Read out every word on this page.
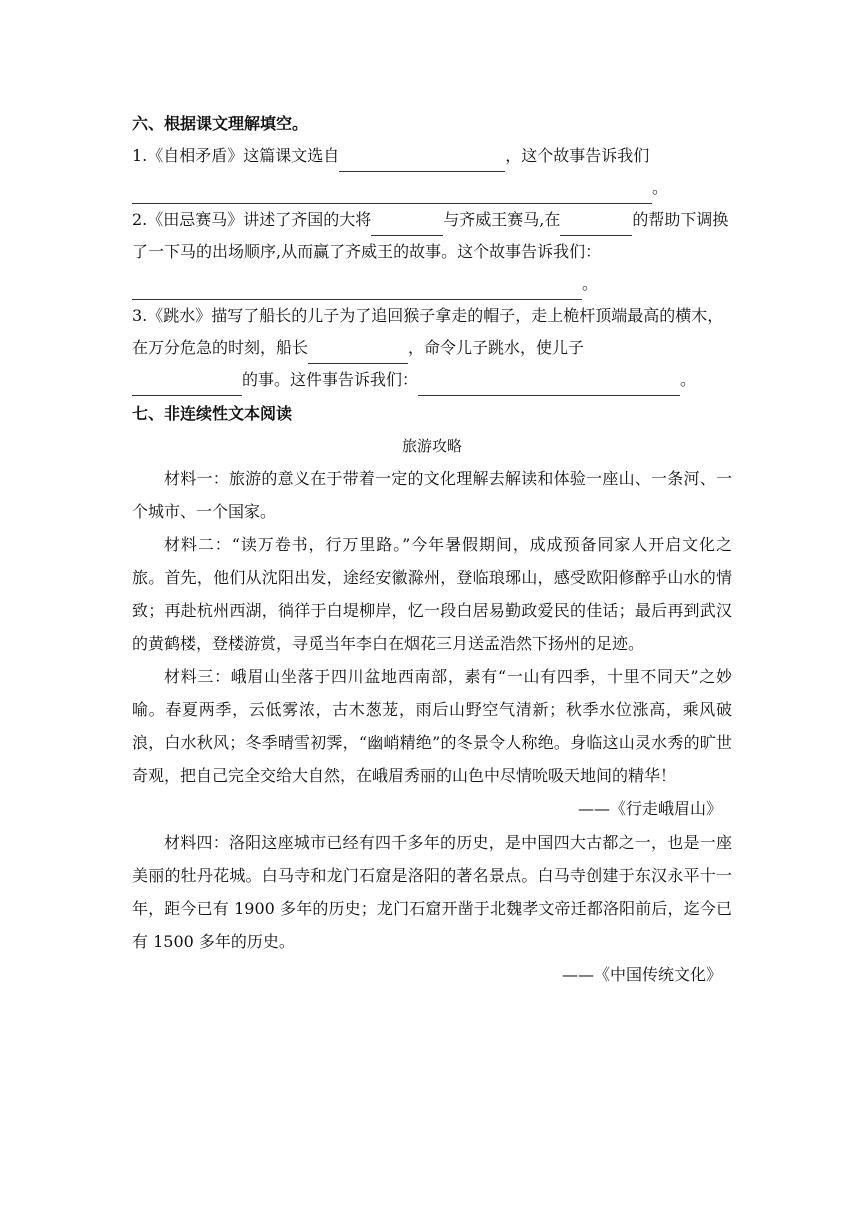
六、根据课文理解填空。

1.《自相矛盾》这篇课文选自	，这个故事告诉我们
。

2.《田忌赛马》讲述了齐国的大将	与齐威王赛马,在	的帮助下调换了一下马的出场顺序,从而赢了齐威王的故事。这个故事告诉我们：
。

3.《跳水》描写了船长的儿子为了追回猴子拿走的帽子，走上桅杆顶端最高的横木，在万分危急的时刻，船长	，命令儿子跳水，使儿子
的事。这件事告诉我们：	。

七、非连续性文本阅读

旅游攻略

材料一：旅游的意义在于带着一定的文化理解去解读和体验一座山、一条河、一个城市、一个国家。

材料二：“读万卷书，行万里路。”今年暑假期间，成成预备同家人开启文化之旅。首先，他们从沈阳出发，途经安徽滁州，登临琅琊山，感受欧阳修醉乎山水的情致；再赴杭州西湖，徜徉于白堤柳岸，忆一段白居易勤政爱民的佳话；最后再到武汉的黄鹤楼，登楼游赏，寻觅当年李白在烟花三月送孟浩然下扬州的足迹。

材料三：峨眉山坐落于四川盆地西南部，素有“一山有四季，十里不同天”之妙喻。春夏两季，云低雾浓，古木葱茏，雨后山野空气清新；秋季水位涨高，乘风破浪，白水秋风；冬季晴雪初霁，“幽峭精绝”的冬景令人称绝。身临这山灵水秀的旷世奇观，把自己完全交给大自然，在峨眉秀丽的山色中尽情吮吸天地间的精华！

——《行走峨眉山》

材料四：洛阳这座城市已经有四千多年的历史，是中国四大古都之一，也是一座美丽的牡丹花城。白马寺和龙门石窟是洛阳的著名景点。白马寺创建于东汉永平十一年，距今已有 1900 多年的历史；龙门石窟开凿于北魏孝文帝迁都洛阳前后，迄今已有 1500 多年的历史。

——《中国传统文化》
